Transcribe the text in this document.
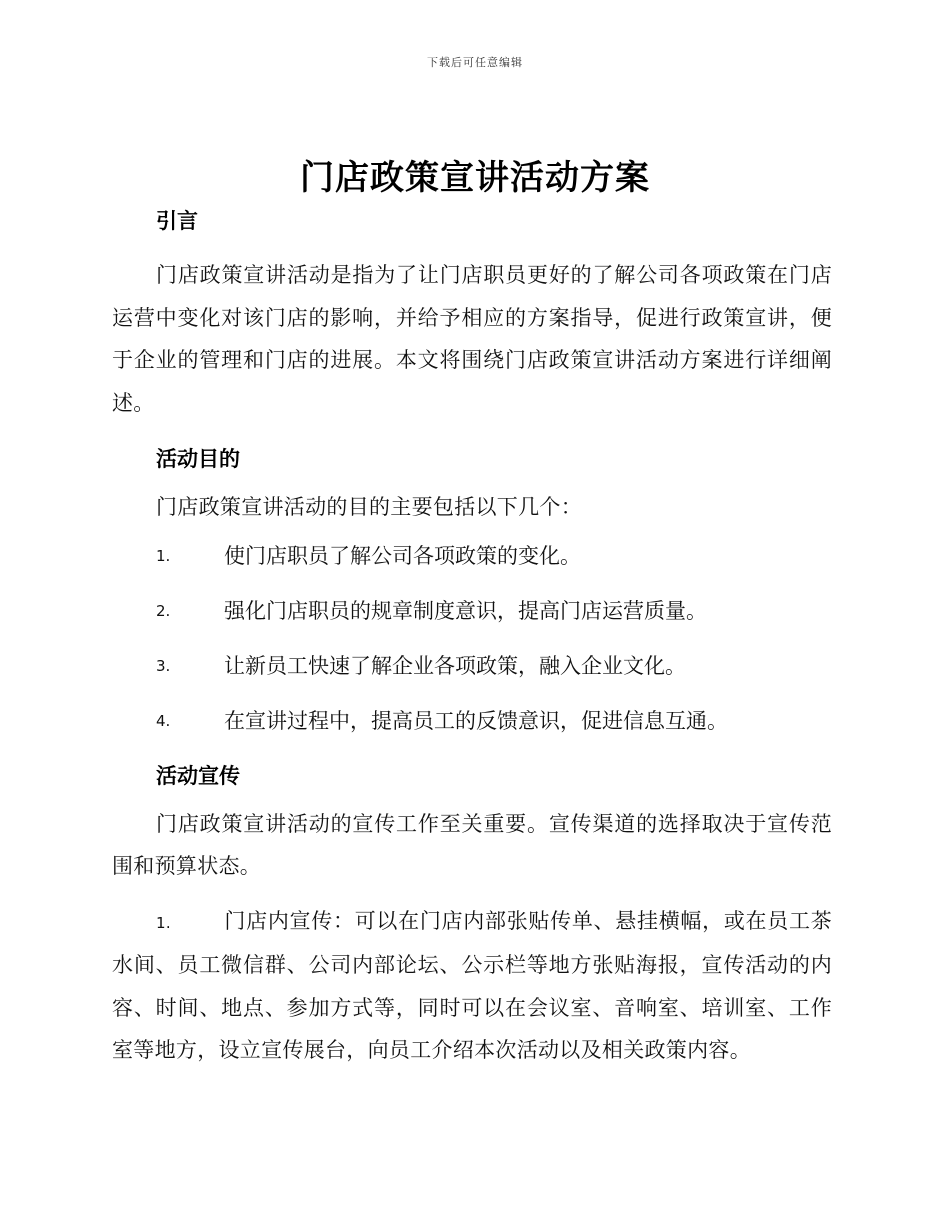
下载后可任意编辑
门店政策宣讲活动方案
引言

门店政策宣讲活动是指为了让门店职员更好的了解公司各项政策在门店运营中变化对该门店的影响，并给予相应的方案指导，促进行政策宣讲，便于企业的管理和门店的进展。本文将围绕门店政策宣讲活动方案进行详细阐述。

活动目的

门店政策宣讲活动的目的主要包括以下几个：

1.	使门店职员了解公司各项政策的变化。
2.	强化门店职员的规章制度意识，提高门店运营质量。
3.	让新员工快速了解企业各项政策，融入企业文化。
4.	在宣讲过程中，提高员工的反馈意识，促进信息互通。
活动宣传

门店政策宣讲活动的宣传工作至关重要。宣传渠道的选择取决于宣传范围和预算状态。

1.	门店内宣传：可以在门店内部张贴传单、悬挂横幅，或在员工茶水间、员工微信群、公司内部论坛、公示栏等地方张贴海报，宣传活动的内容、时间、地点、参加方式等，同时可以在会议室、音响室、培训室、工作室等地方，设立宣传展台，向员工介绍本次活动以及相关政策内容。
